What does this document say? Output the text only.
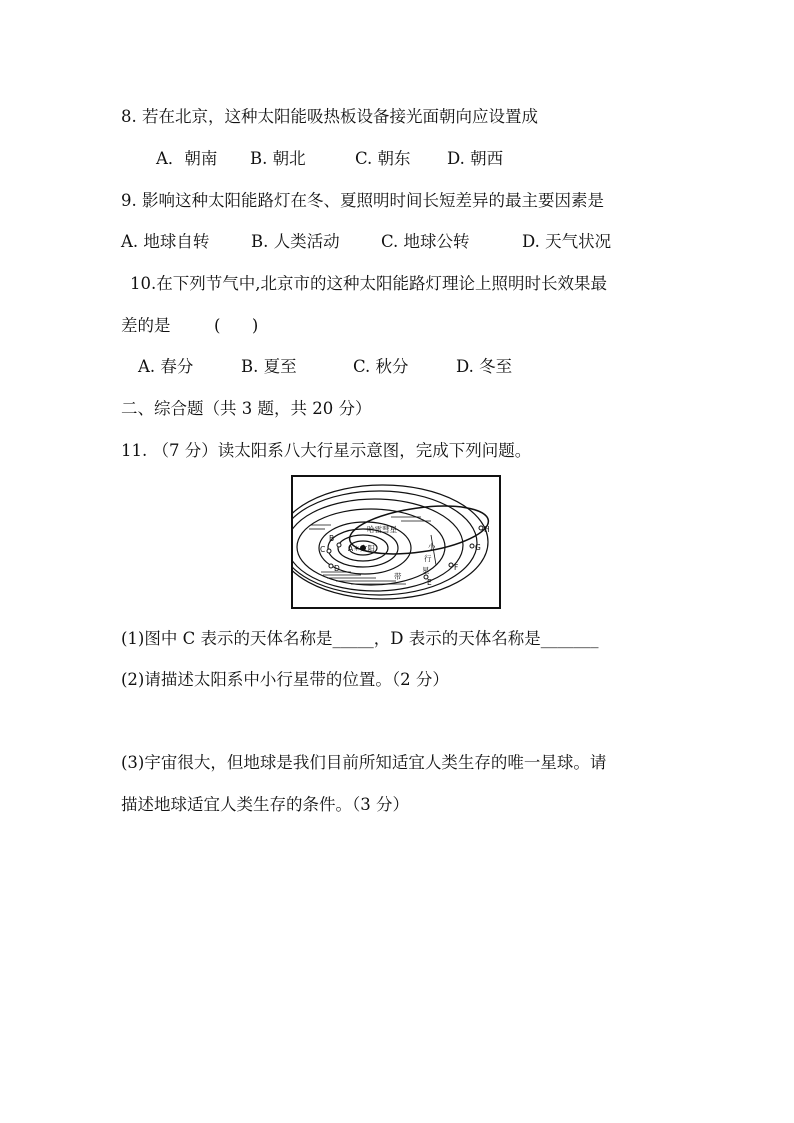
8. 若在北京，这种太阳能吸热板设备接光面朝向应设置成
A．朝南 B. 朝北	C. 朝东 D. 朝西
9. 影响这种太阳能路灯在冬、夏照明时间长短差异的最主要因素是
A. 地球自转	B. 人类活动	C. 地球公转	D. 天气状况
10.在下列节气中,北京市的这种太阳能路灯理论上照明时长效果最
差的是	(      )
A. 春分	B. 夏至	C. 秋分	D. 冬至
二、综合题（共 3 题，共 20 分）
11. （7 分）读太阳系八大行星示意图，完成下列问题。
哈雷彗星
A☀太阳	小
行
星
带
B
C
D
E
F
G
H
(1)图中 C 表示的天体名称是_____，D 表示的天体名称是_______
(2)请描述太阳系中小行星带的位置。（2 分）
(3)宇宙很大，但地球是我们目前所知适宜人类生存的唯一星球。请
描述地球适宜人类生存的条件。（3 分）
